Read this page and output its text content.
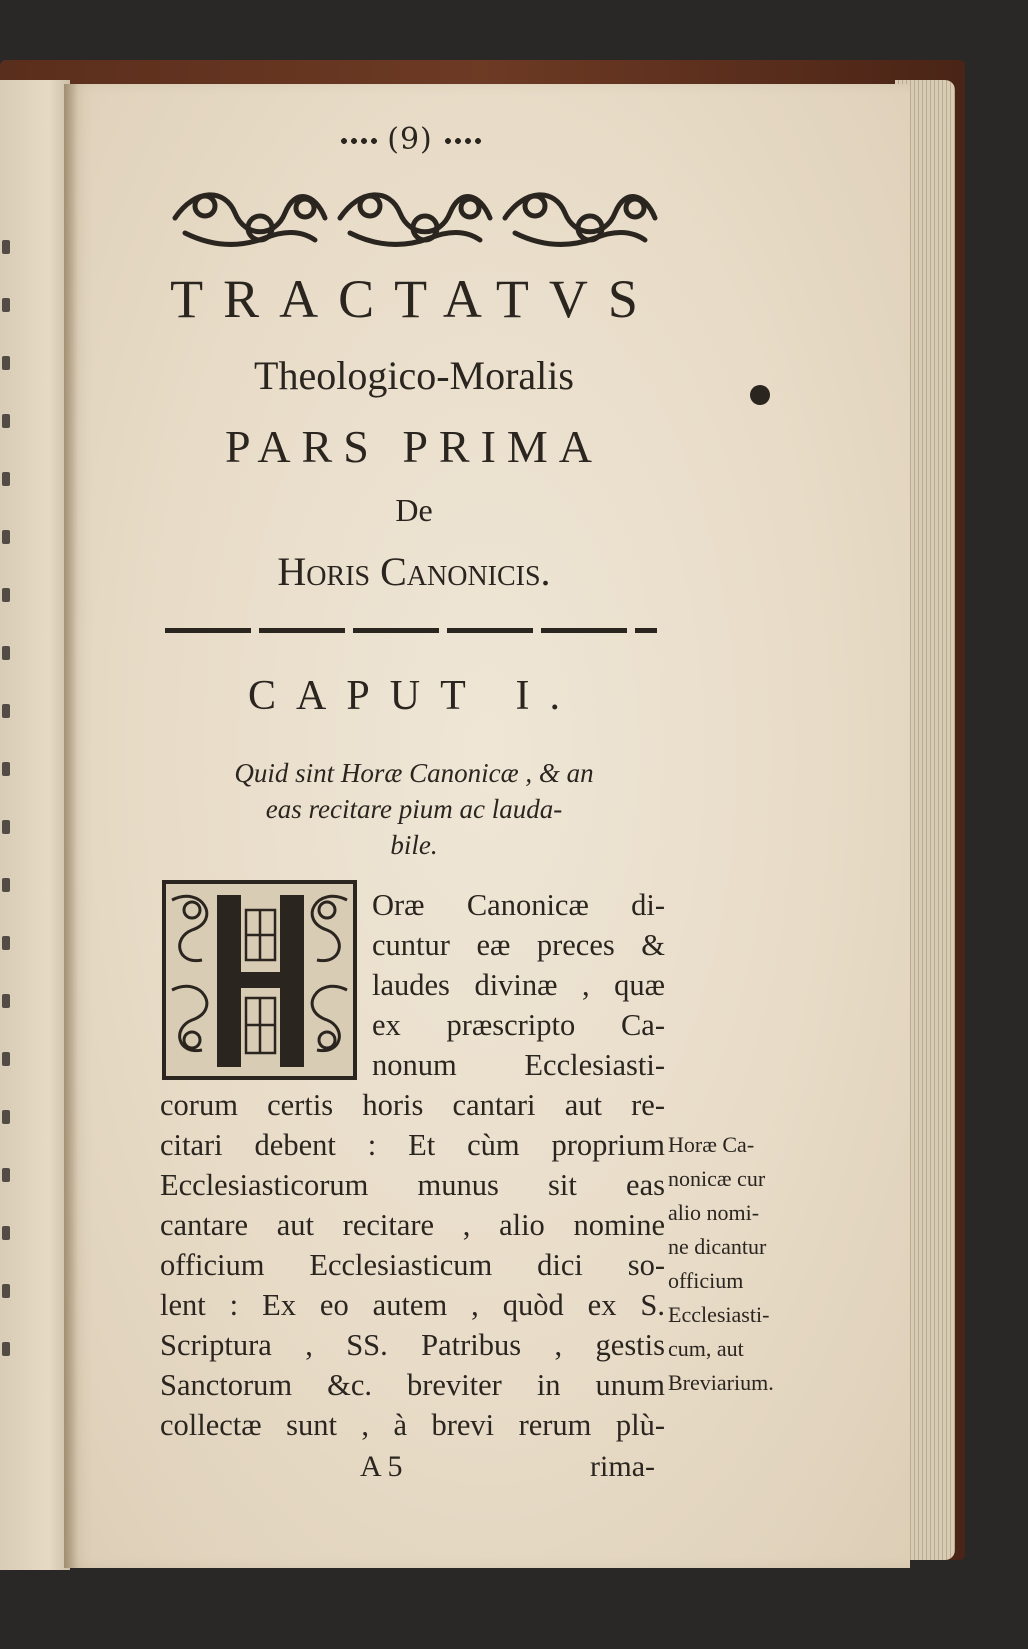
(9)
TRACTATVS
Theologico-Moralis
PARS PRIMA
De
Horis Canonicis.
CAPUT I.
Quid sint Horæ Canonicæ , & an
eas recitare pium ac lauda-
bile.
Oræ Canonicæ di-
cuntur eæ preces &
laudes divinæ , quæ
ex præscripto Ca-
nonum Ecclesiasti-
corum certis horis cantari aut re-
citari debent : Et cùm proprium
Ecclesiasticorum munus sit eas
cantare aut recitare , alio nomine
officium Ecclesiasticum dici so-
lent : Ex eo autem , quòd ex S.
Scriptura , SS. Patribus , gestis
Sanctorum &c. breviter in unum
collectæ sunt , à brevi rerum plù-
Horæ Ca-
nonicæ cur
alio nomi-
ne dicantur
officium
Ecclesiasti-
cum, aut
Breviarium.
A 5	rima-
